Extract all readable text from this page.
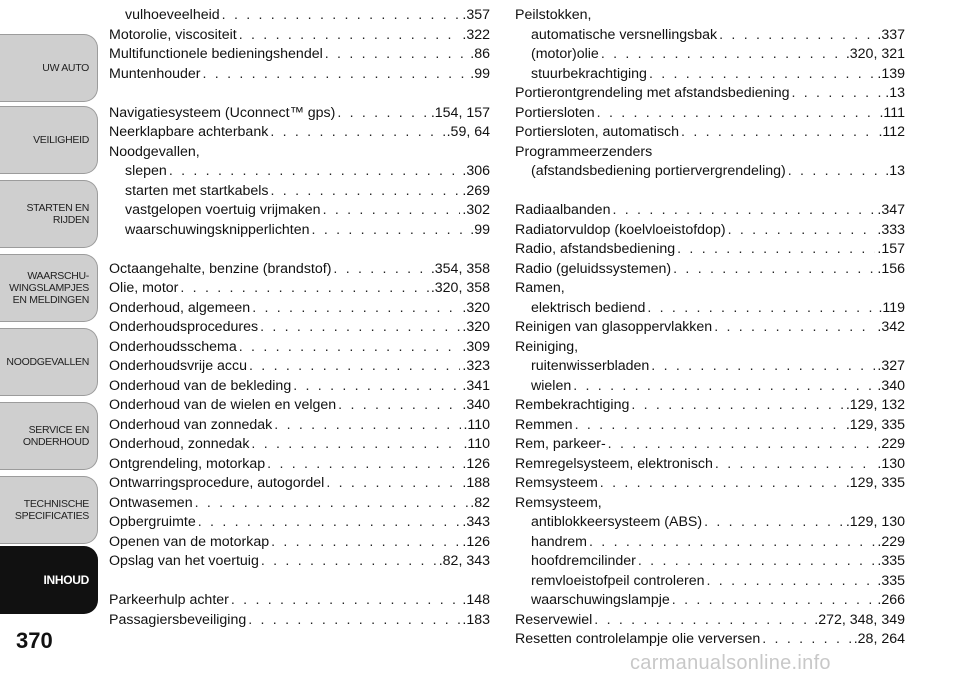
UW AUTO
VEILIGHEID
STARTEN EN
RIJDEN
WAARSCHU-
WINGSLAMPJES
EN MELDINGEN
NOODGEVALLEN
SERVICE EN
ONDERHOUD
TECHNISCHE
SPECIFICATIES
INHOUD
370
vulhoeveelheid . . .	.357
Motorolie, viscositeit . . .	.322
Multifunctionele bedieningshendel . . .	.86
Muntenhouder . . .	.99
Navigatiesysteem (Uconnect™ gps) . . .	.154, 157
Neerklapbare achterbank . . .	.59, 64
Noodgevallen,
slepen . . .	.306
starten met startkabels . . .	.269
vastgelopen voertuig vrijmaken . . .	.302
waarschuwingsknipperlichten . . .	.99
Octaangehalte, benzine (brandstof) . . .	.354, 358
Olie, motor . . .	.320, 358
Onderhoud, algemeen . . .	.320
Onderhoudsprocedures . . .	.320
Onderhoudsschema . . .	.309
Onderhoudsvrije accu . . .	.323
Onderhoud van de bekleding . . .	.341
Onderhoud van de wielen en velgen . . .	.340
Onderhoud van zonnedak . . .	.110
Onderhoud, zonnedak . . .	.110
Ontgrendeling, motorkap . . .	.126
Ontwarringsprocedure, autogordel . . .	.188
Ontwasemen . . .	.82
Opbergruimte . . .	.343
Openen van de motorkap . . .	.126
Opslag van het voertuig . . .	.82, 343
Parkeerhulp achter . . .	.148
Passagiersbeveiliging . . .	.183
Peilstokken,
automatische versnellingsbak . . .	.337
(motor)olie . . .	.320, 321
stuurbekrachtiging . . .	.139
Portierontgrendeling met afstandsbediening . . .	.13
Portiersloten . . .	.111
Portiersloten, automatisch . . .	.112
Programmeerzenders
(afstandsbediening portiervergrendeling) . . .	.13
Radiaalbanden . . .	.347
Radiatorvuldop (koelvloeistofdop) . . .	.333
Radio, afstandsbediening . . .	.157
Radio (geluidssystemen) . . .	.156
Ramen,
elektrisch bediend . . .	.119
Reinigen van glasoppervlakken . . .	.342
Reiniging,
ruitenwisserbladen . . .	.327
wielen . . .	.340
Rembekrachtiging . . .	.129, 132
Remmen . . .	.129, 335
Rem, parkeer- . . .	.229
Remregelsysteem, elektronisch . . .	.130
Remsysteem . . .	.129, 335
Remsysteem,
antiblokkeersysteem (ABS) . . .	.129, 130
handrem . . .	.229
hoofdremcilinder . . .	.335
remvloeistofpeil controleren . . .	.335
waarschuwingslampje . . .	.266
Reservewiel . . .	.272, 348, 349
Resetten controlelampje olie verversen . . .	.28, 264
carmanualsonline.info
